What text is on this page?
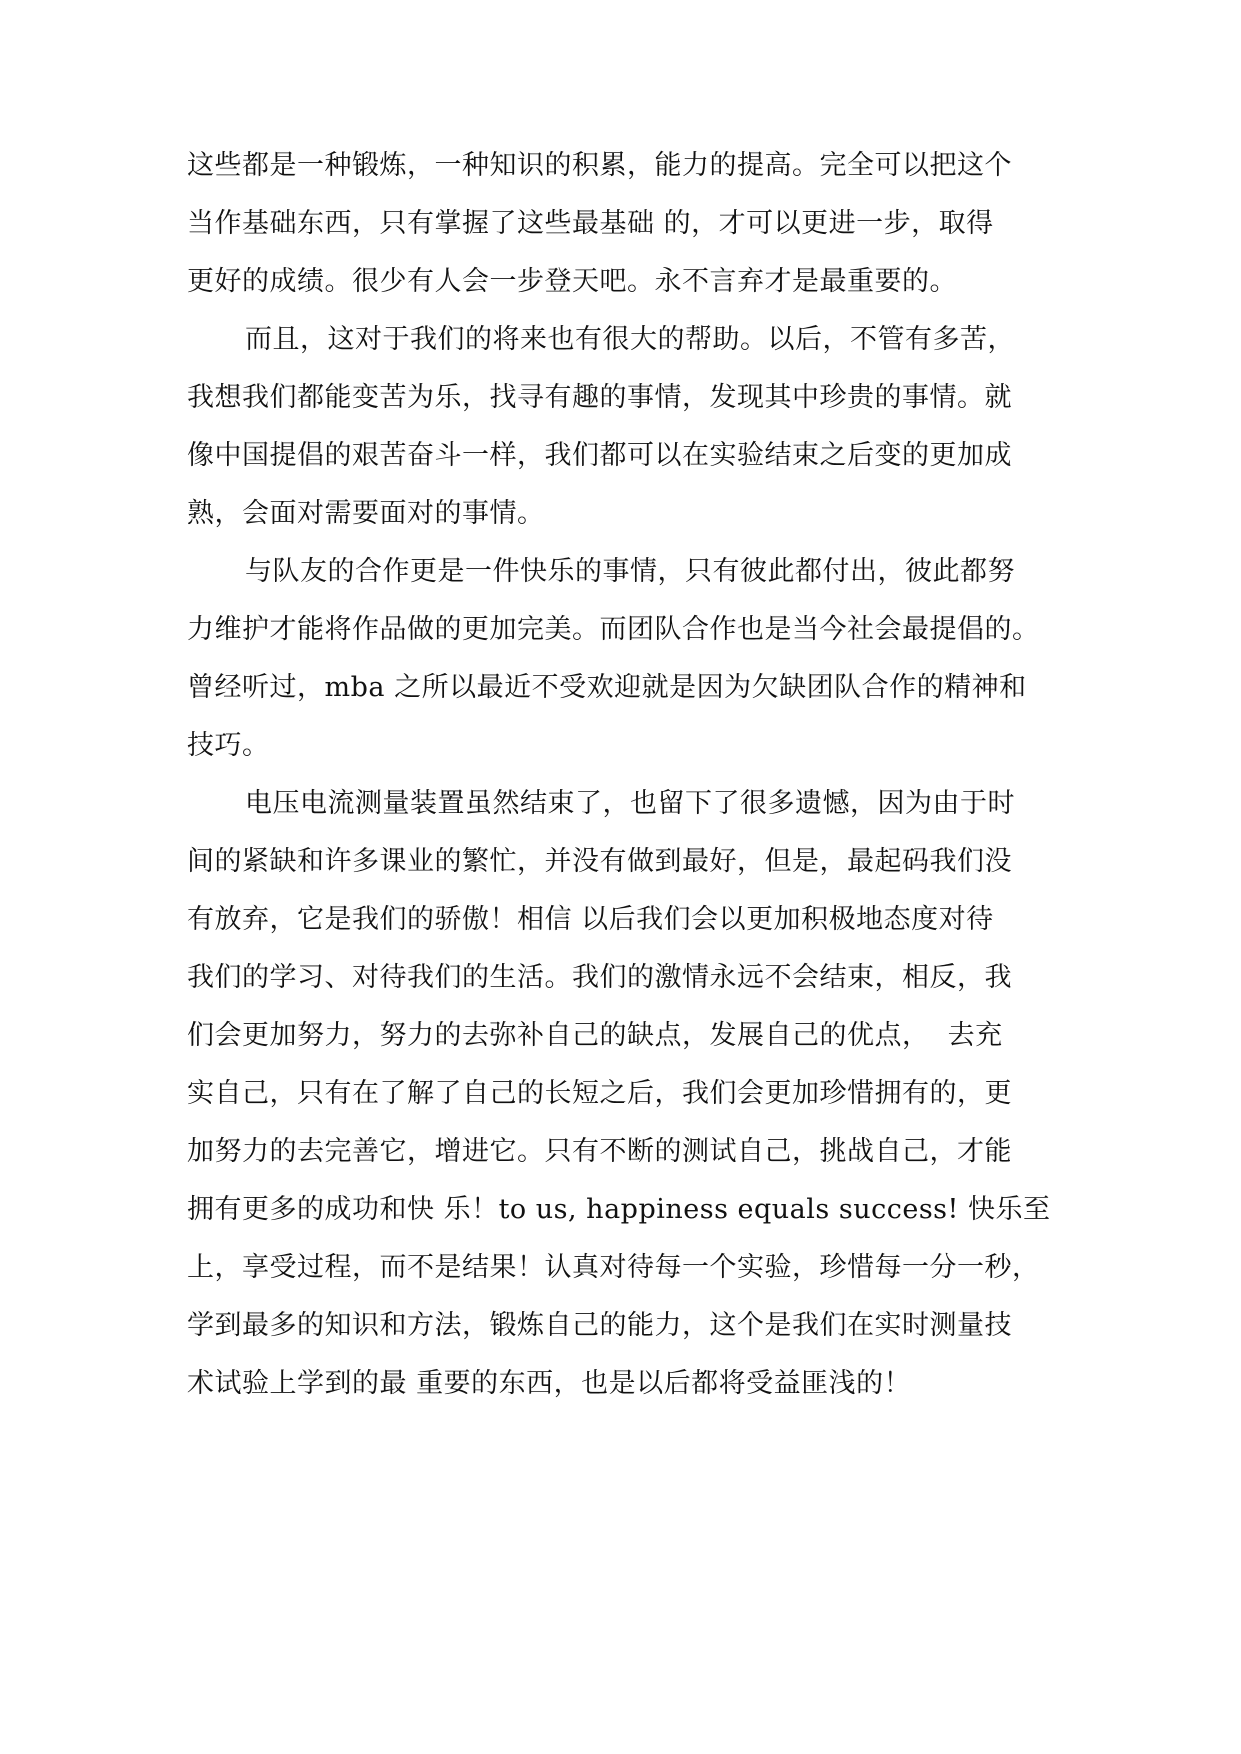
这些都是一种锻炼，一种知识的积累，能力的提高。完全可以把这个
当作基础东西，只有掌握了这些最基础 的，才可以更进一步，取得
更好的成绩。很少有人会一步登天吧。永不言弃才是最重要的。
而且，这对于我们的将来也有很大的帮助。以后，不管有多苦，
我想我们都能变苦为乐，找寻有趣的事情，发现其中珍贵的事情。就
像中国提倡的艰苦奋斗一样，我们都可以在实验结束之后变的更加成
熟，会面对需要面对的事情。
与队友的合作更是一件快乐的事情，只有彼此都付出，彼此都努
力维护才能将作品做的更加完美。而团队合作也是当今社会最提倡的。
曾经听过，mba 之所以最近不受欢迎就是因为欠缺团队合作的精神和
技巧。
电压电流测量装置虽然结束了，也留下了很多遗憾，因为由于时
间的紧缺和许多课业的繁忙，并没有做到最好，但是，最起码我们没
有放弃，它是我们的骄傲！相信 以后我们会以更加积极地态度对待
我们的学习、对待我们的生活。我们的激情永远不会结束，相反，我
们会更加努力，努力的去弥补自己的缺点，发展自己的优点，  去充
实自己，只有在了解了自己的长短之后，我们会更加珍惜拥有的，更
加努力的去完善它，增进它。只有不断的测试自己，挑战自己，才能
拥有更多的成功和快 乐！to us, happiness equals success! 快乐至
上，享受过程，而不是结果！认真对待每一个实验，珍惜每一分一秒，
学到最多的知识和方法，锻炼自己的能力，这个是我们在实时测量技
术试验上学到的最 重要的东西，也是以后都将受益匪浅的！
